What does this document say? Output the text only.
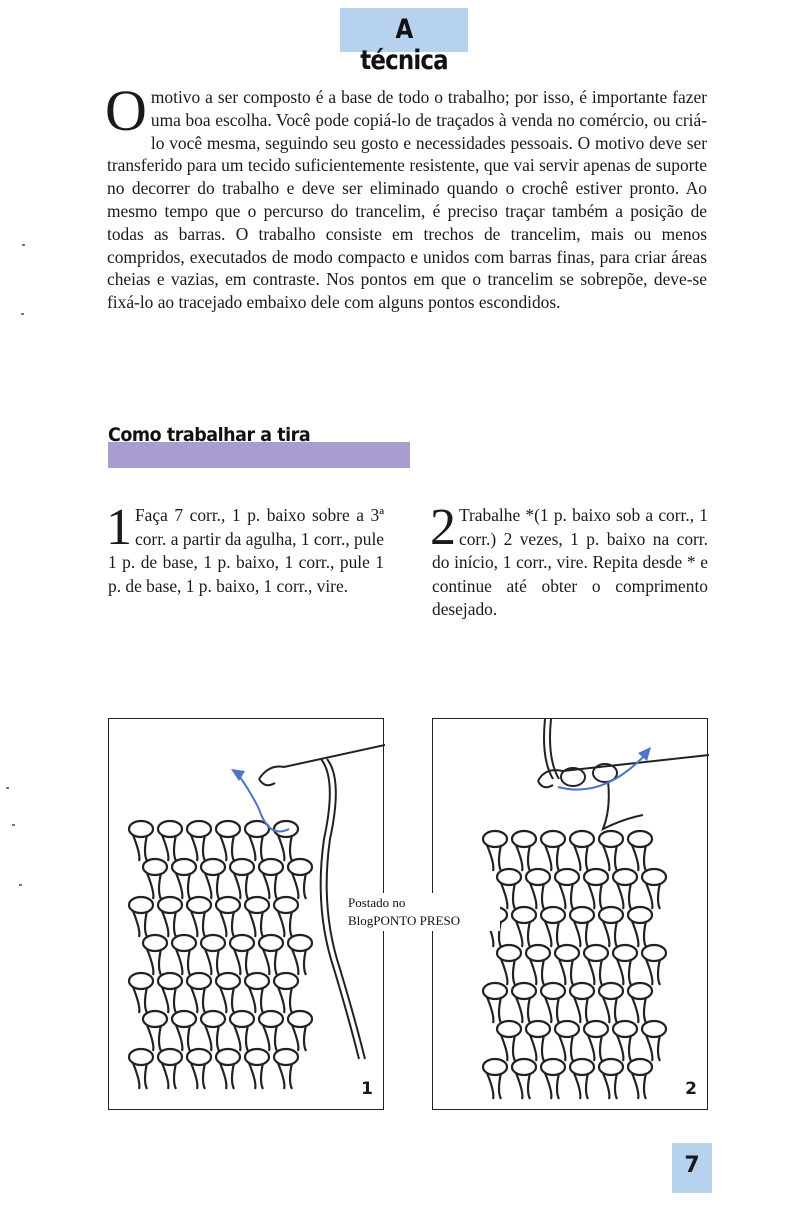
A técnica

Omotivo a ser composto é a base de todo o trabalho; por isso, é importante fazer uma boa escolha. Você pode copiá-lo de traçados à venda no comércio, ou criá-lo você mesma, seguindo seu gosto e necessidades pessoais. O motivo deve ser transferido para um tecido suficientemente resistente, que vai servir apenas de suporte no decorrer do trabalho e deve ser eliminado quando o crochê estiver pronto. Ao mesmo tempo que o percurso do trancelim, é preciso traçar também a posição de todas as barras. O trabalho consiste em trechos de trancelim, mais ou menos compridos, executados de modo compacto e unidos com barras finas, para criar áreas cheias e vazias, em contraste. Nos pontos em que o trancelim se sobrepõe, deve-se fixá-lo ao tracejado embaixo dele com alguns pontos escondidos.

Como trabalhar a tira

1 Faça 7 corr., 1 p. baixo sobre a 3ª corr. a partir da agulha, 1 corr., pule 1 p. de base, 1 p. baixo, 1 corr., pule 1 p. de base, 1 p. baixo, 1 corr., vire.

2 Trabalhe *(1 p. baixo sob a corr., 1 corr.) 2 vezes, 1 p. baixo na corr. do início, 1 corr., vire. Repita desde * e continue até obter o comprimento desejado.

1	2
Postado no
BlogPONTO PRESO
7
